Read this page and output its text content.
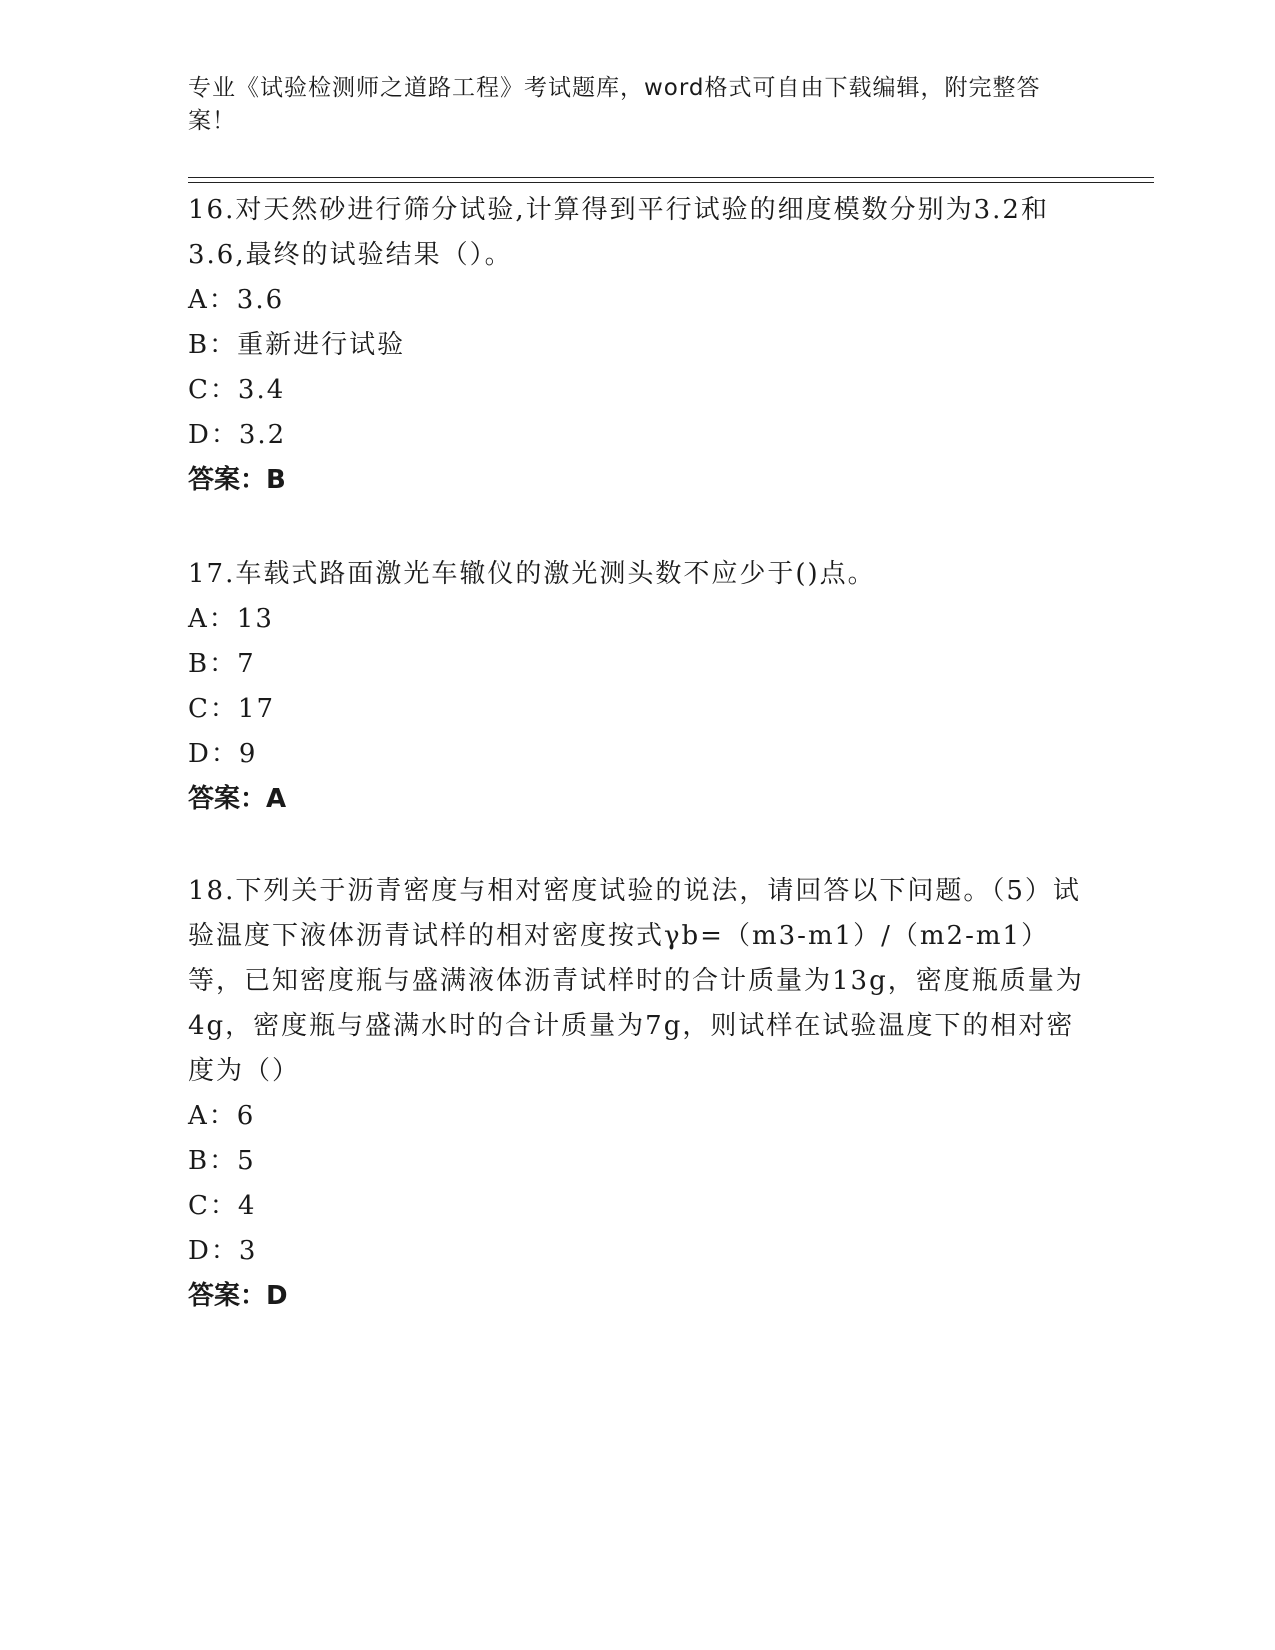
专业《试验检测师之道路工程》考试题库，word格式可自由下载编辑，附完整答案！

16.对天然砂进行筛分试验,计算得到平行试验的细度模数分别为3.2和3.6,最终的试验结果（）。

A：3.6

B：重新进行试验

C：3.4

D：3.2

答案：B

17.车载式路面激光车辙仪的激光测头数不应少于()点。

A：13

B：7

C：17

D：9

答案：A

18.下列关于沥青密度与相对密度试验的说法，请回答以下问题。（5）试验温度下液体沥青试样的相对密度按式γb=（m3-m1）/（m2-m1）等，已知密度瓶与盛满液体沥青试样时的合计质量为13g，密度瓶质量为4g，密度瓶与盛满水时的合计质量为7g，则试样在试验温度下的相对密度为（）

A：6

B：5

C：4

D：3

答案：D
